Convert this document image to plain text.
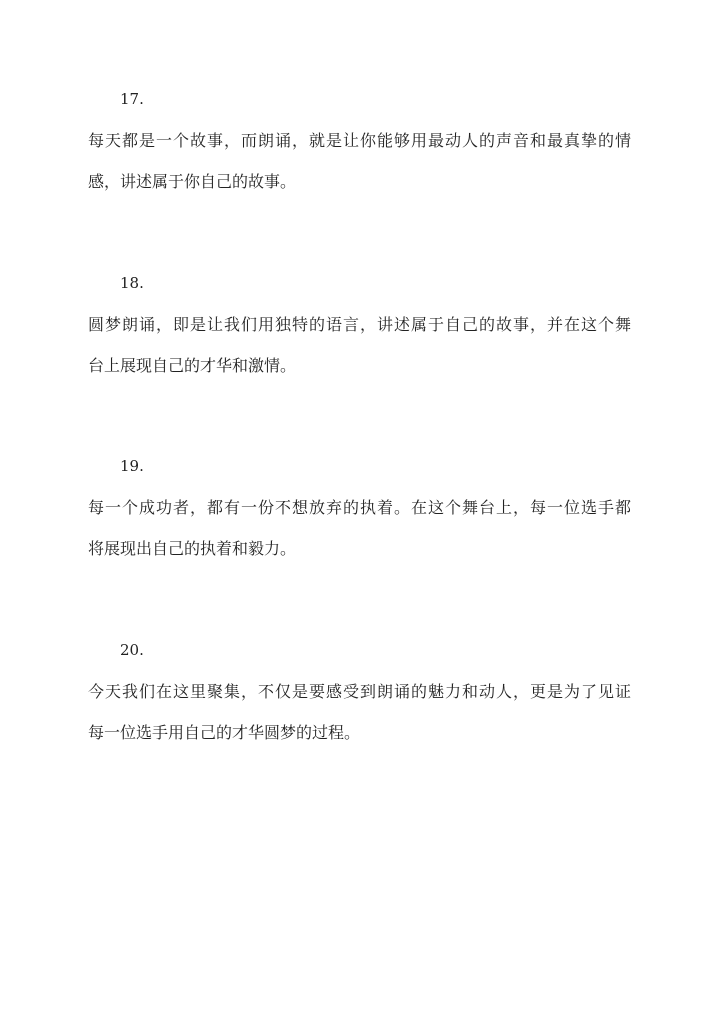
17.
每天都是一个故事，而朗诵，就是让你能够用最动人的声音和最真挚的情
感，讲述属于你自己的故事。
18.
圆梦朗诵，即是让我们用独特的语言，讲述属于自己的故事，并在这个舞
台上展现自己的才华和激情。
19.
每一个成功者，都有一份不想放弃的执着。在这个舞台上，每一位选手都
将展现出自己的执着和毅力。
20.
今天我们在这里聚集，不仅是要感受到朗诵的魅力和动人，更是为了见证
每一位选手用自己的才华圆梦的过程。
